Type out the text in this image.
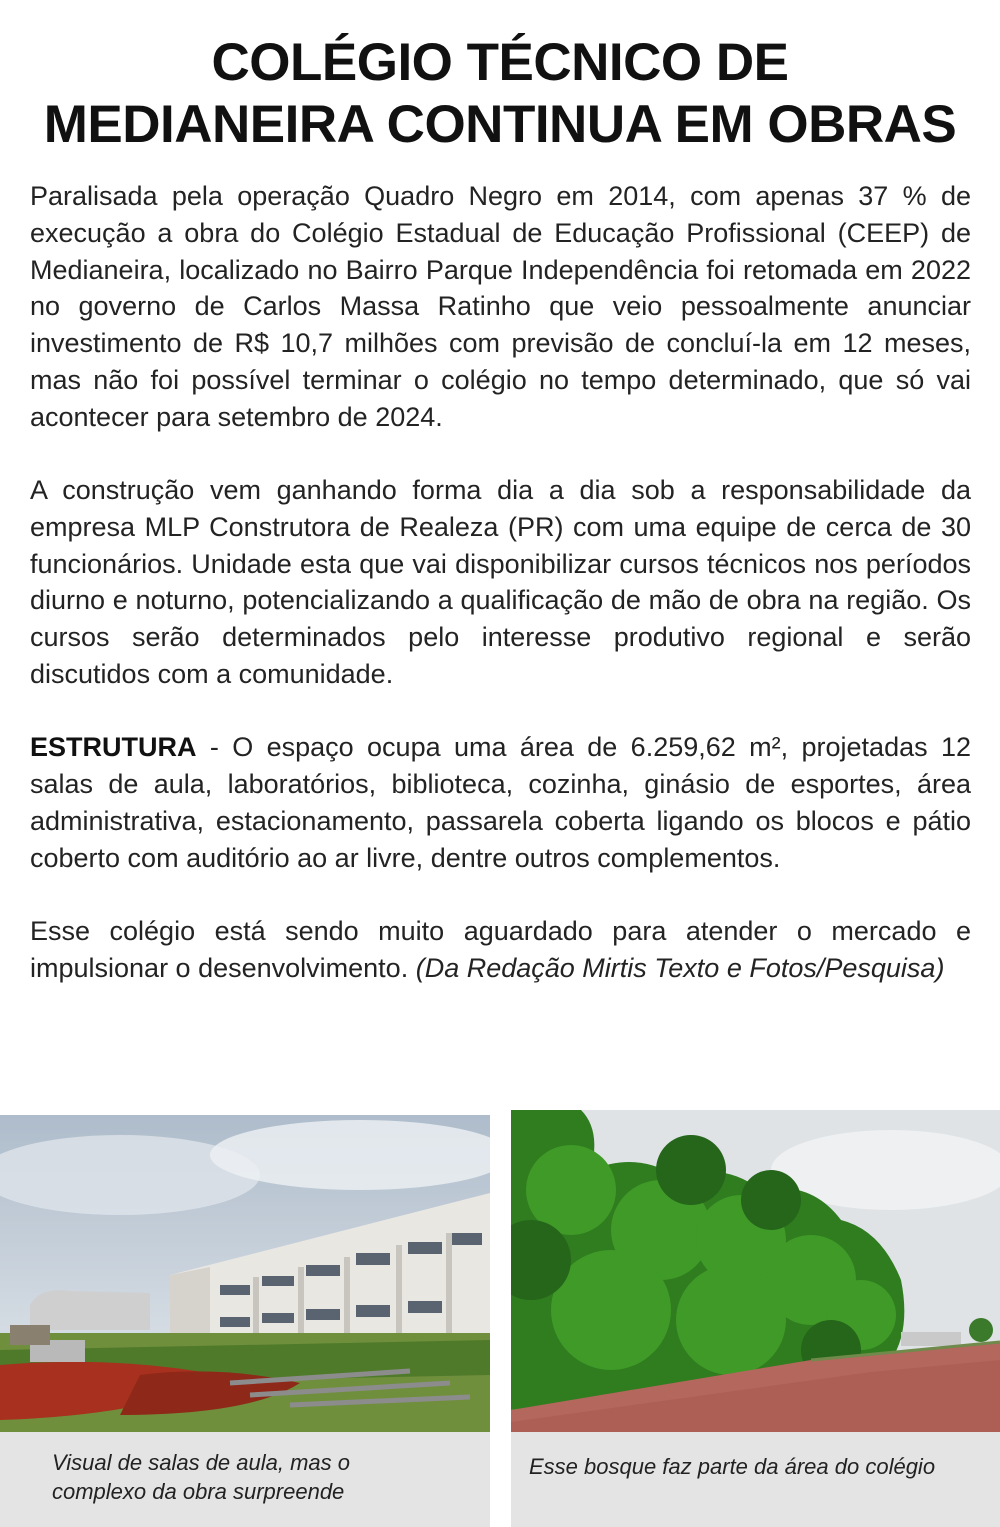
COLÉGIO TÉCNICO DE
MEDIANEIRA CONTINUA EM OBRAS

Paralisada pela operação Quadro Negro em 2014, com apenas 37 % de execução a obra do Colégio Estadual de Educação Profissional (CEEP) de Medianeira, localizado no Bairro Parque Independência foi retomada em 2022 no governo de Carlos Massa Ratinho que veio pessoalmente anunciar investimento de R$ 10,7 milhões com previsão de concluí-la em 12 meses, mas não foi possível terminar o colégio no tempo determinado, que só vai acontecer para setembro de 2024.

A construção vem ganhando forma dia a dia sob a responsabilidade da empresa MLP Construtora de Realeza (PR) com uma equipe de cerca de 30 funcionários. Unidade esta que vai disponibilizar cursos técnicos nos períodos diurno e noturno, potencializando a qualificação de mão de obra na região. Os cursos serão determinados pelo interesse produtivo regional e serão discutidos com a comunidade.

ESTRUTURA - O espaço ocupa uma área de 6.259,62 m², projetadas 12 salas de aula, laboratórios, biblioteca, cozinha, ginásio de esportes, área administrativa, estacionamento, passarela coberta ligando os blocos e pátio coberto com auditório ao ar livre, dentre outros complementos.

Esse colégio está sendo muito aguardado para atender o mercado e impulsionar o desenvolvimento. (Da Redação Mirtis Texto e Fotos/Pesquisa)

Visual de salas de aula, mas o
complexo da obra surpreende
Esse bosque faz parte da área do colégio
